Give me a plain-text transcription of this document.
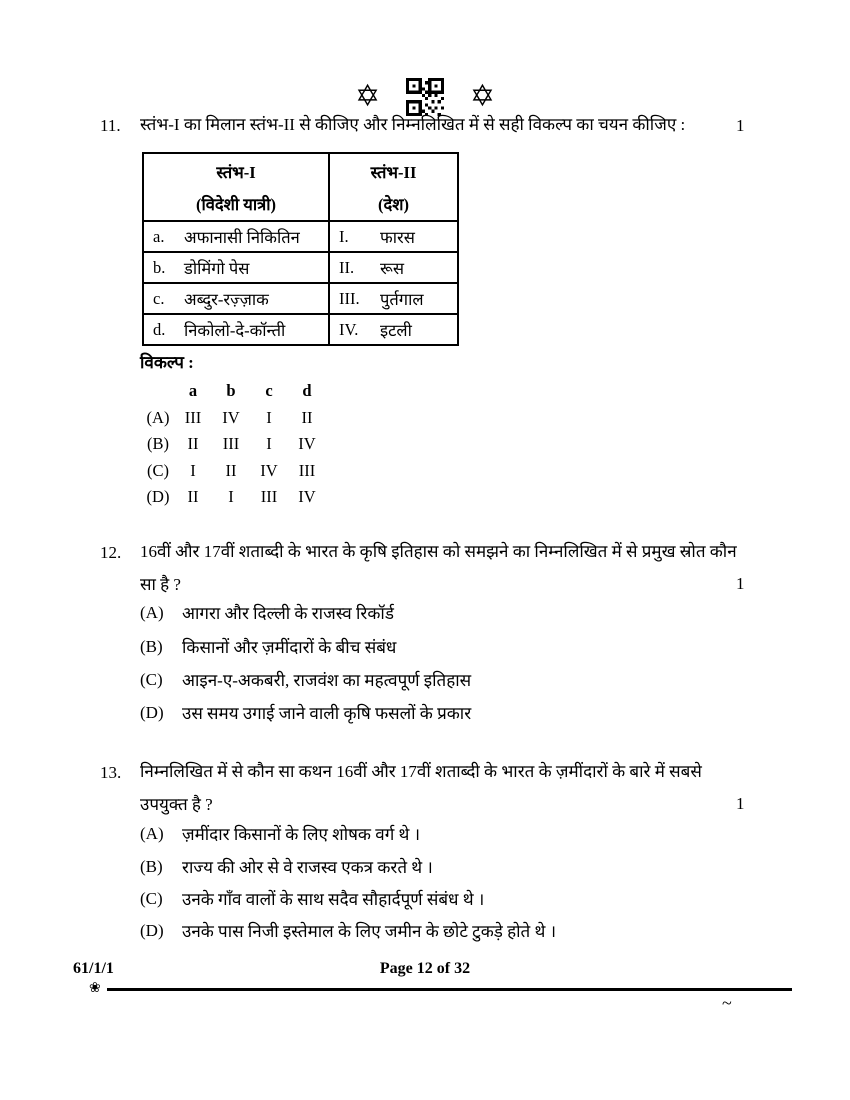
✡	✡
11. स्तंभ-I का मिलान स्तंभ-II से कीजिए और निम्नलिखित में से सही विकल्प का चयन कीजिए :	1
स्तंभ-I
(विदेशी यात्री)

स्तंभ-II
(देश)

a. अफानासी निकितिन	I. फारस

b. डोमिंगो पेस	II. रूस

c. अब्दुर-रज़्ज़ाक	III. पुर्तगाल

d. निकोलो-दे-कॉन्ती	IV. इटली
विकल्प :
a	b	c	d
(A) III	IV	I	II
(B)	II	III	I	IV
(C)	I	II	IV	III
(D)	II	I	III	IV
12. 16वीं और 17वीं शताब्दी के भारत के कृषि इतिहास को समझने का निम्नलिखित में से प्रमुख स्रोत कौन
सा है ?	1
(A) आगरा और दिल्ली के राजस्व रिकॉर्ड
(B) किसानों और ज़मींदारों के बीच संबंध
(C) आइन-ए-अकबरी, राजवंश का महत्वपूर्ण इतिहास
(D) उस समय उगाई जाने वाली कृषि फसलों के प्रकार
13. निम्नलिखित में से कौन सा कथन 16वीं और 17वीं शताब्दी के भारत के ज़मींदारों के बारे में सबसे
उपयुक्त है ?	1
(A) ज़मींदार किसानों के लिए शोषक वर्ग थे ।
(B) राज्य की ओर से वे राजस्व एकत्र करते थे ।
(C) उनके गाँव वालों के साथ सदैव सौहार्दपूर्ण संबंध थे ।
(D) उनके पास निजी इस्तेमाल के लिए जमीन के छोटे टुकड़े होते थे ।
61/1/1	Page 12 of 32
❀
~
